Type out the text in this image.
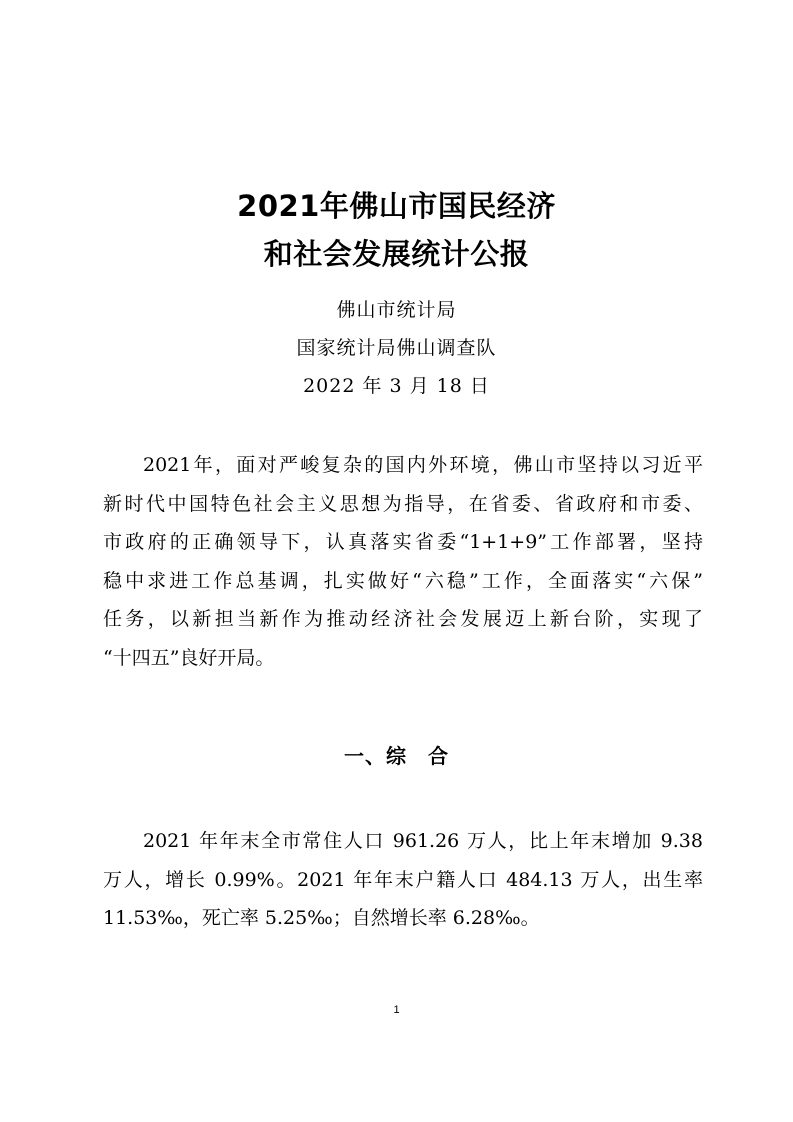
2021年佛山市国民经济
和社会发展统计公报
佛山市统计局
国家统计局佛山调查队
2022 年 3 月 18 日
2021年，面对严峻复杂的国内外环境，佛山市坚持以习近平
新时代中国特色社会主义思想为指导，在省委、省政府和市委、
市政府的正确领导下，认真落实省委“1+1+9”工作部署，坚持
稳中求进工作总基调，扎实做好“六稳”工作，全面落实“六保”
任务，以新担当新作为推动经济社会发展迈上新台阶，实现了
“十四五”良好开局。
一、综　合
2021 年年末全市常住人口 961.26 万人，比上年末增加 9.38
万人，增长 0.99%。2021 年年末户籍人口 484.13 万人，出生率
11.53‰，死亡率 5.25‰；自然增长率 6.28‰。
1
